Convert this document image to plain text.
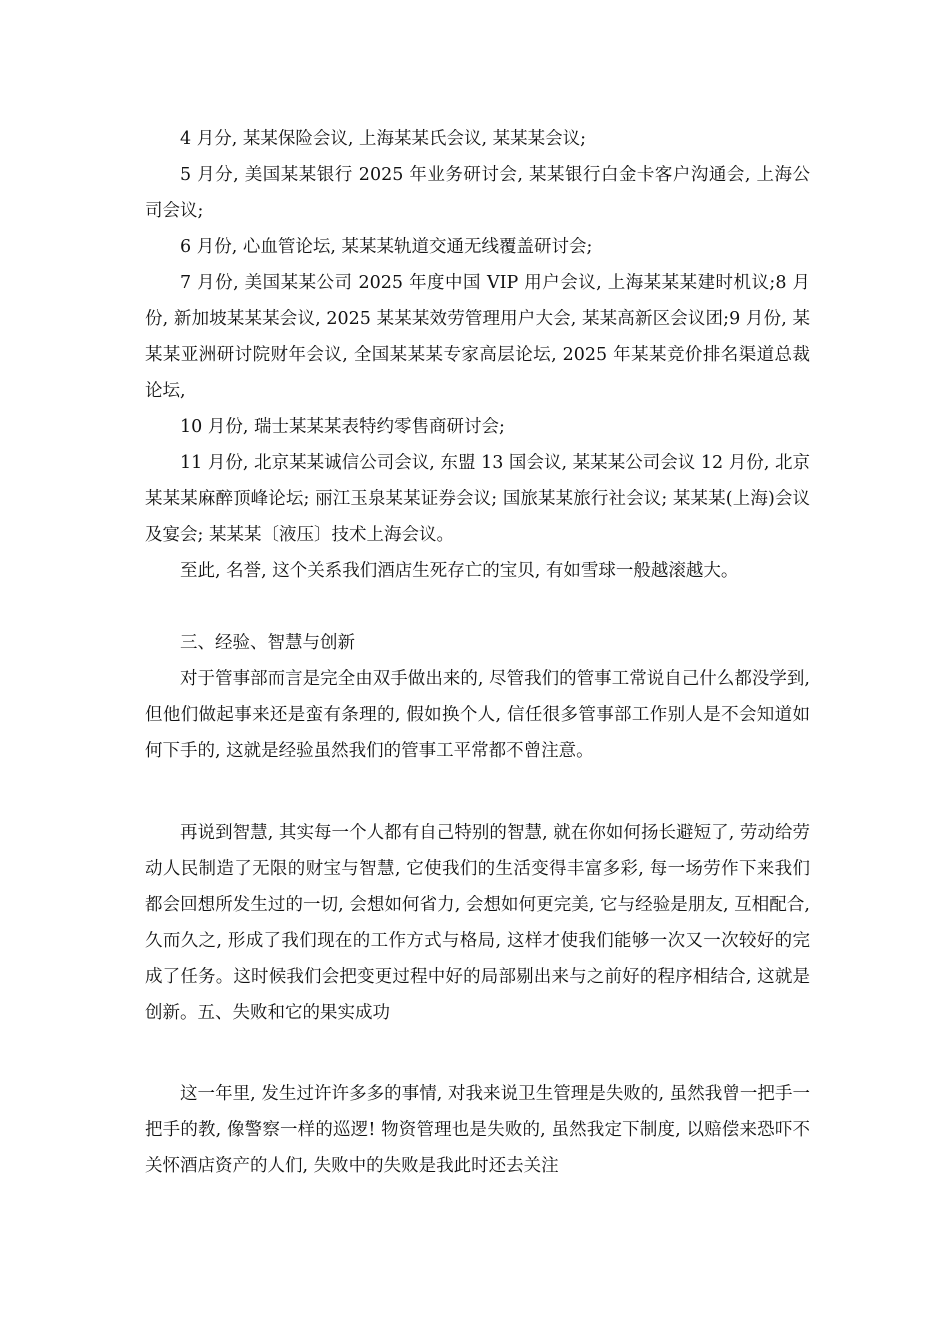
4 月分, 某某保险会议, 上海某某氏会议, 某某某会议;

5 月分, 美国某某银行 2025 年业务研讨会, 某某银行白金卡客户沟通会, 上海公司会议;

6 月份, 心血管论坛, 某某某轨道交通无线覆盖研讨会;

7 月份, 美国某某公司 2025 年度中国 VIP 用户会议, 上海某某某建时机议;8 月份, 新加坡某某某会议, 2025 某某某效劳管理用户大会, 某某高新区会议团;9 月份, 某某某亚洲研讨院财年会议, 全国某某某专家高层论坛, 2025 年某某竞价排名渠道总裁论坛,

10 月份, 瑞士某某某表特约零售商研讨会;

11 月份, 北京某某诚信公司会议, 东盟 13 国会议, 某某某公司会议 12 月份, 北京某某某麻醉顶峰论坛; 丽江玉泉某某证券会议; 国旅某某旅行社会议; 某某某(上海)会议及宴会; 某某某〔液压〕技术上海会议。

至此, 名誉, 这个关系我们酒店生死存亡的宝贝, 有如雪球一般越滚越大。

三、经验、智慧与创新

对于管事部而言是完全由双手做出来的, 尽管我们的管事工常说自己什么都没学到, 但他们做起事来还是蛮有条理的, 假如换个人, 信任很多管事部工作别人是不会知道如何下手的, 这就是经验虽然我们的管事工平常都不曾注意。

再说到智慧, 其实每一个人都有自己特别的智慧, 就在你如何扬长避短了, 劳动给劳动人民制造了无限的财宝与智慧, 它使我们的生活变得丰富多彩, 每一场劳作下来我们都会回想所发生过的一切, 会想如何省力, 会想如何更完美, 它与经验是朋友, 互相配合, 久而久之, 形成了我们现在的工作方式与格局, 这样才使我们能够一次又一次较好的完成了任务。这时候我们会把变更过程中好的局部剔出来与之前好的程序相结合, 这就是创新。五、失败和它的果实成功

这一年里, 发生过许许多多的事情, 对我来说卫生管理是失败的, 虽然我曾一把手一把手的教, 像警察一样的巡逻! 物资管理也是失败的, 虽然我定下制度, 以赔偿来恐吓不关怀酒店资产的人们, 失败中的失败是我此时还去关注
